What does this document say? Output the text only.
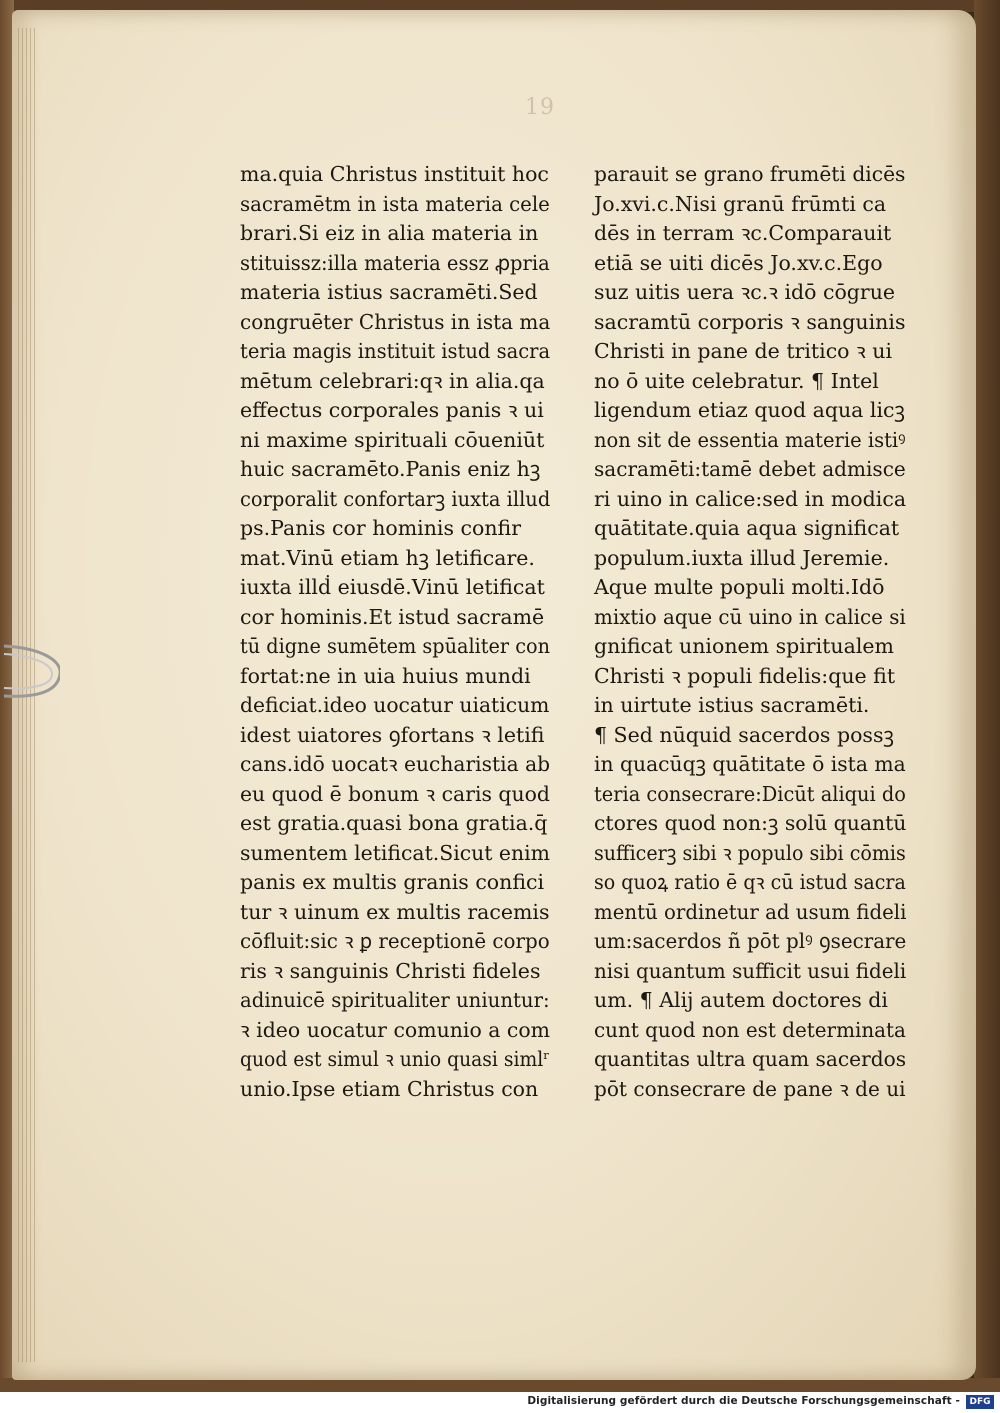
19
ma.quia Christus instituit hoc
sacramētm in ista materia cele
brari.Si eiz in alia materia in
stituissz:illa materia essz ꝓpria
materia istius sacramēti.Sed
congruēter Christus in ista ma
teria magis instituit istud sacra
mētum celebrari:qꝛ in alia.qa
effectus corporales panis ꝛ ui
ni maxime spirituali cōueniūt
huic sacramēto.Panis eniz hꝫ
corporalit confortarꝫ iuxta illud
ps.Panis cor hominis confir
mat.Vinū etiam hꝫ letificare.
iuxta illḋ eiusdē.Vinū letificat
cor hominis.Et istud sacramē
tū digne sumētem spūaliter con
fortat:ne in uia huius mundi
deficiat.ideo uocatur uiaticum
idest uiatores ꝯfortans ꝛ letifi
cans.idō uocatꝛ eucharistia ab
eu quod ē bonum ꝛ caris quod
est gratia.quasi bona gratia.q̄
sumentem letificat.Sicut enim
panis ex multis granis confici
tur ꝛ uinum ex multis racemis
cōfluit:sic ꝛ ꝑ receptionē corpo
ris ꝛ sanguinis Christi fideles
adinuicē spiritualiter uniuntur:
ꝛ ideo uocatur comunio a com
quod est simul ꝛ unio quasi simlʳ
unio.Ipse etiam Christus con
parauit se grano frumēti dicēs
Jo.xvi.c.Nisi granū frūmti ca
dēs in terram ꝛc.Comparauit
etiā se uiti dicēs Jo.xv.c.Ego
suz uitis uera ꝛc.ꝛ idō cōgrue
sacramtū corporis ꝛ sanguinis
Christi in pane de tritico ꝛ ui
no ō uite celebratur. ¶ Intel
ligendum etiaz quod aqua licꝫ
non sit de essentia materie istiꝰ
sacramēti:tamē debet admisce
ri uino in calice:sed in modica
quātitate.quia aqua significat
populum.iuxta illud Jeremie.
Aque multe populi molti.Idō
mixtio aque cū uino in calice si
gnificat unionem spiritualem
Christi ꝛ populi fidelis:que fit
in uirtute istius sacramēti.
¶ Sed nūquid sacerdos possꝫ
in quacūqꝫ quātitate ō ista ma
teria consecrare:Dicūt aliqui do
ctores quod non:ꝫ solū quantū
sufficerꝫ sibi ꝛ populo sibi cōmis
so quoꝝ ratio ē qꝛ cū istud sacra
mentū ordinetur ad usum fideli
um:sacerdos ñ pōt plꝰ ꝯsecrare
nisi quantum sufficit usui fideli
um. ¶ Alij autem doctores di
cunt quod non est determinata
quantitas ultra quam sacerdos
pōt consecrare de pane ꝛ de ui
Digitalisierung gefördert durch die Deutsche Forschungsgemeinschaft -	DFG
